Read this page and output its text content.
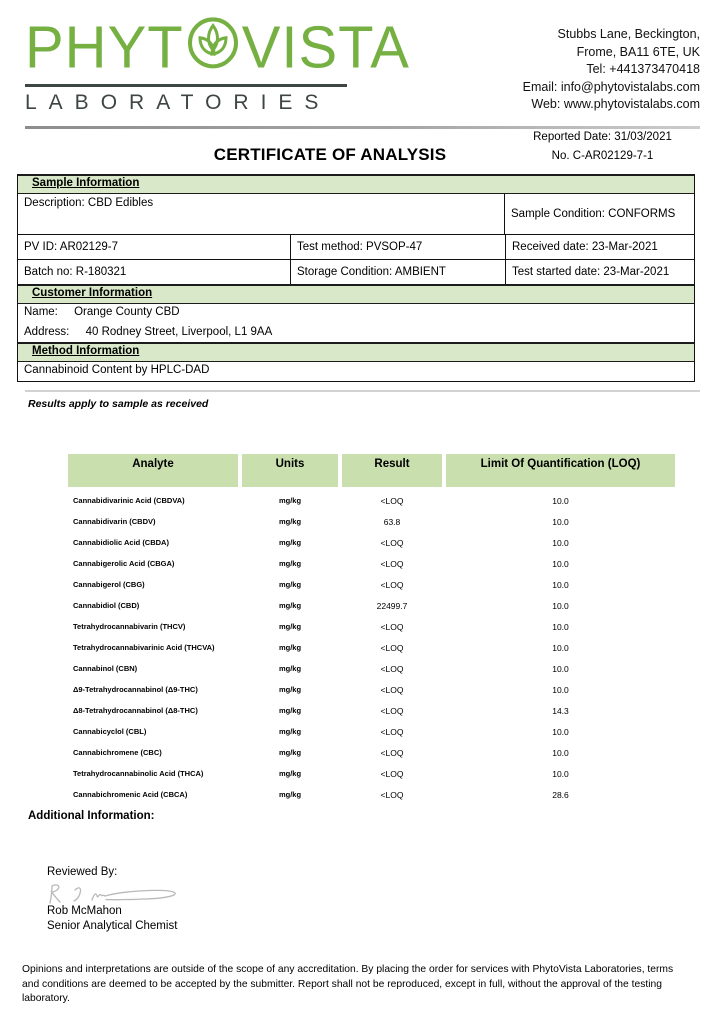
PHYT VISTA
LABORATORIES
Stubbs Lane, Beckington,
Frome, BA11 6TE, UK
Tel: +441373470418
Email: info@phytovistalabs.com
Web: www.phytovistalabs.com
CERTIFICATE OF ANALYSIS
Reported Date: 31/03/2021
No. C-AR02129-7-1
Sample Information
Description: CBD Edibles
Sample Condition: CONFORMS
PV ID: AR02129-7	Test method: PVSOP-47	Received date: 23-Mar-2021
Batch no: R-180321	Storage Condition: AMBIENT	Test started date: 23-Mar-2021
Customer Information
Name: Orange County CBD
Address: 40 Rodney Street, Liverpool, L1 9AA
Method Information
Cannabinoid Content by HPLC-DAD
Results apply to sample as received
Analyte	Units	Result	Limit Of Quantification (LOQ)
Cannabidivarinic Acid (CBDVA)	mg/kg	<LOQ	10.0
Cannabidivarin (CBDV)	mg/kg	63.8	10.0
Cannabidiolic Acid (CBDA)	mg/kg	<LOQ	10.0
Cannabigerolic Acid (CBGA)	mg/kg	<LOQ	10.0
Cannabigerol (CBG)	mg/kg	<LOQ	10.0
Cannabidiol (CBD)	mg/kg	22499.7	10.0
Tetrahydrocannabivarin (THCV)	mg/kg	<LOQ	10.0
Tetrahydrocannabivarinic Acid (THCVA)	mg/kg	<LOQ	10.0
Cannabinol (CBN)	mg/kg	<LOQ	10.0
Δ9-Tetrahydrocannabinol (Δ9-THC)	mg/kg	<LOQ	10.0
Δ8-Tetrahydrocannabinol (Δ8-THC)	mg/kg	<LOQ	14.3
Cannabicyclol (CBL)	mg/kg	<LOQ	10.0
Cannabichromene (CBC)	mg/kg	<LOQ	10.0
Tetrahydrocannabinolic Acid (THCA)	mg/kg	<LOQ	10.0
Cannabichromenic Acid (CBCA)	mg/kg	<LOQ	28.6
Additional Information:
Reviewed By:
Rob McMahon
Senior Analytical Chemist
Opinions and interpretations are outside of the scope of any accreditation. By placing the order for services with PhytoVista Laboratories, terms and conditions are deemed to be accepted by the submitter. Report shall not be reproduced, except in full, without the approval of the testing laboratory.
